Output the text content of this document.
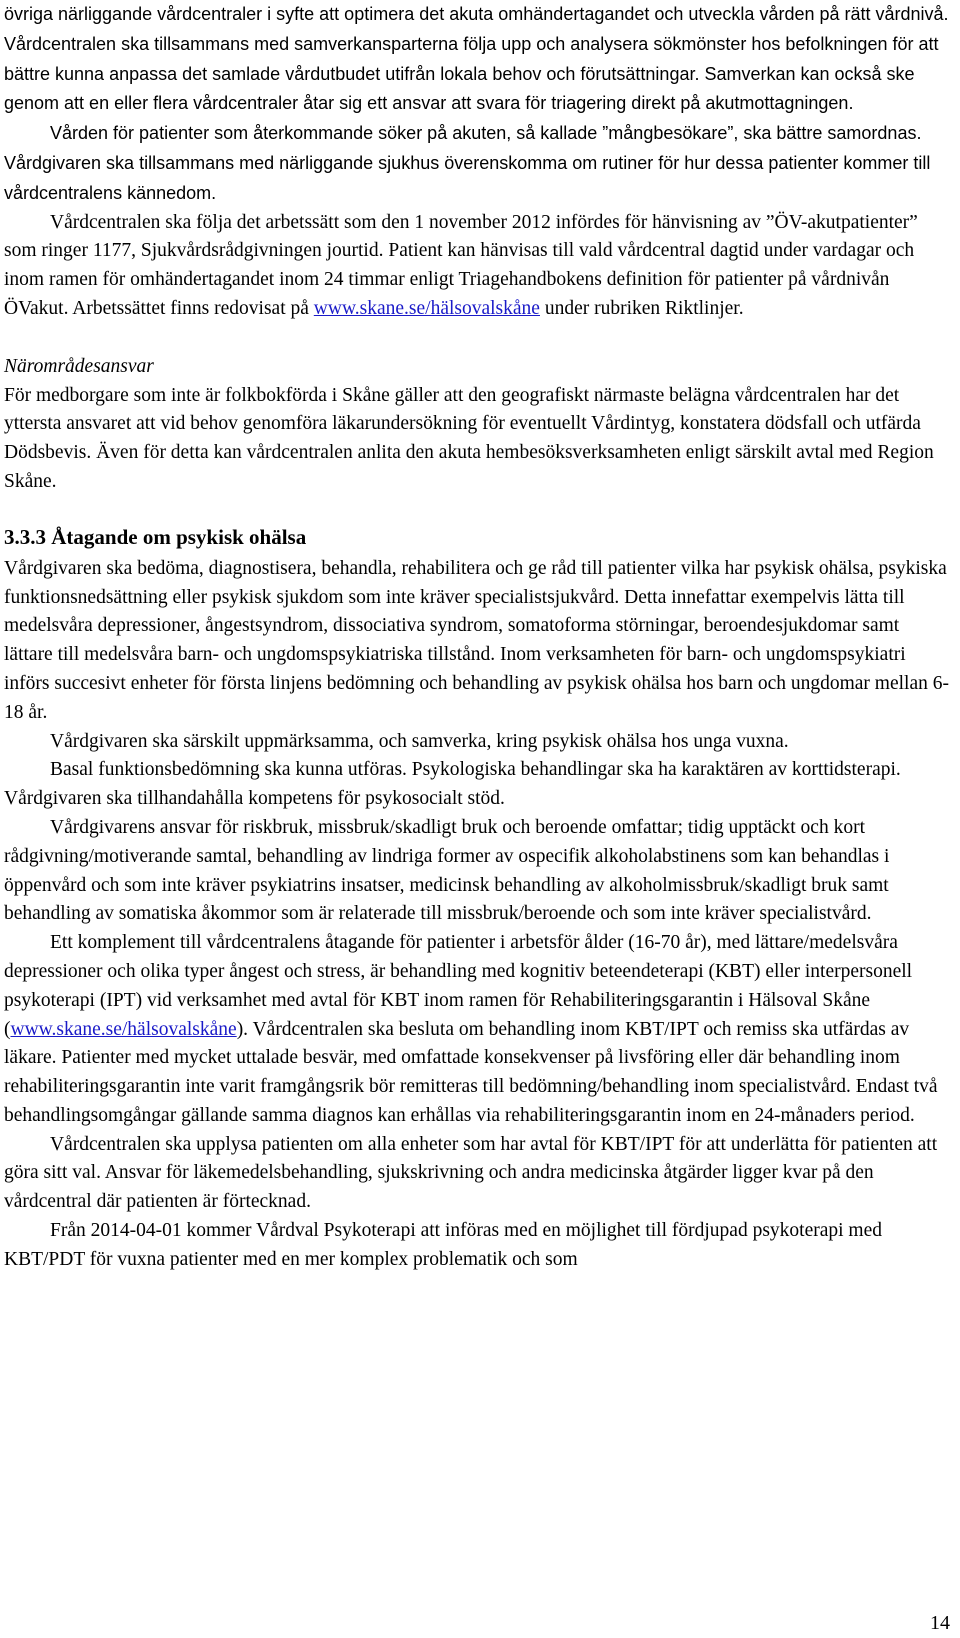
övriga närliggande vårdcentraler i syfte att optimera det akuta omhändertagandet och utveckla vården på rätt vårdnivå. Vårdcentralen ska tillsammans med samverkansparterna följa upp och analysera sökmönster hos befolkningen för att bättre kunna anpassa det samlade vårdutbudet utifrån lokala behov och förutsättningar. Samverkan kan också ske genom att en eller flera vårdcentraler åtar sig ett ansvar att svara för triagering direkt på akutmottagningen.

Vården för patienter som återkommande söker på akuten, så kallade ”mångbesökare”, ska bättre samordnas. Vårdgivaren ska tillsammans med närliggande sjukhus överenskomma om rutiner för hur dessa patienter kommer till vårdcentralens kännedom.

Vårdcentralen ska följa det arbetssätt som den 1 november 2012 infördes för hänvisning av ”ÖV-akutpatienter” som ringer 1177, Sjukvårdsrådgivningen jourtid. Patient kan hänvisas till vald vårdcentral dagtid under vardagar och inom ramen för omhändertagandet inom 24 timmar enligt Triagehandbokens definition för patienter på vårdnivån ÖVakut. Arbetssättet finns redovisat på www.skane.se/hälsovalskåne under rubriken Riktlinjer.

Närområdesansvar

För medborgare som inte är folkbokförda i Skåne gäller att den geografiskt närmaste belägna vårdcentralen har det yttersta ansvaret att vid behov genomföra läkarundersökning för eventuellt Vårdintyg, konstatera dödsfall och utfärda Dödsbevis. Även för detta kan vårdcentralen anlita den akuta hembesöksverksamheten enligt särskilt avtal med Region Skåne.

3.3.3 Åtagande om psykisk ohälsa

Vårdgivaren ska bedöma, diagnostisera, behandla, rehabilitera och ge råd till patienter vilka har psykisk ohälsa, psykiska funktionsnedsättning eller psykisk sjukdom som inte kräver specialistsjukvård. Detta innefattar exempelvis lätta till medelsvåra depressioner, ångestsyndrom, dissociativa syndrom, somatoforma störningar, beroendesjukdomar samt lättare till medelsvåra barn- och ungdomspsykiatriska tillstånd. Inom verksamheten för barn- och ungdomspsykiatri införs succesivt enheter för första linjens bedömning och behandling av psykisk ohälsa hos barn och ungdomar mellan 6-18 år.

Vårdgivaren ska särskilt uppmärksamma, och samverka, kring psykisk ohälsa hos unga vuxna.

Basal funktionsbedömning ska kunna utföras. Psykologiska behandlingar ska ha karaktären av korttidsterapi. Vårdgivaren ska tillhandahålla kompetens för psykosocialt stöd.

Vårdgivarens ansvar för riskbruk, missbruk/skadligt bruk och beroende omfattar; tidig upptäckt och kort rådgivning/motiverande samtal, behandling av lindriga former av ospecifik alkoholabstinens som kan behandlas i öppenvård och som inte kräver psykiatrins insatser, medicinsk behandling av alkoholmissbruk/skadligt bruk samt behandling av somatiska åkommor som är relaterade till missbruk/beroende och som inte kräver specialistvård.

Ett komplement till vårdcentralens åtagande för patienter i arbetsför ålder (16-70 år), med lättare/medelsvåra depressioner och olika typer ångest och stress, är behandling med kognitiv beteendeterapi (KBT) eller interpersonell psykoterapi (IPT) vid verksamhet med avtal för KBT inom ramen för Rehabiliteringsgarantin i Hälsoval Skåne (www.skane.se/hälsovalskåne). Vårdcentralen ska besluta om behandling inom KBT/IPT och remiss ska utfärdas av läkare. Patienter med mycket uttalade besvär, med omfattade konsekvenser på livsföring eller där behandling inom rehabiliteringsgarantin inte varit framgångsrik bör remitteras till bedömning/behandling inom specialistvård. Endast två behandlingsomgångar gällande samma diagnos kan erhållas via rehabiliteringsgarantin inom en 24-månaders period.

Vårdcentralen ska upplysa patienten om alla enheter som har avtal för KBT/IPT för att underlätta för patienten att göra sitt val. Ansvar för läkemedelsbehandling, sjukskrivning och andra medicinska åtgärder ligger kvar på den vårdcentral där patienten är förtecknad.

Från 2014-04-01 kommer Vårdval Psykoterapi att införas med en möjlighet till fördjupad psykoterapi med KBT/PDT för vuxna patienter med en mer komplex problematik och som

14
